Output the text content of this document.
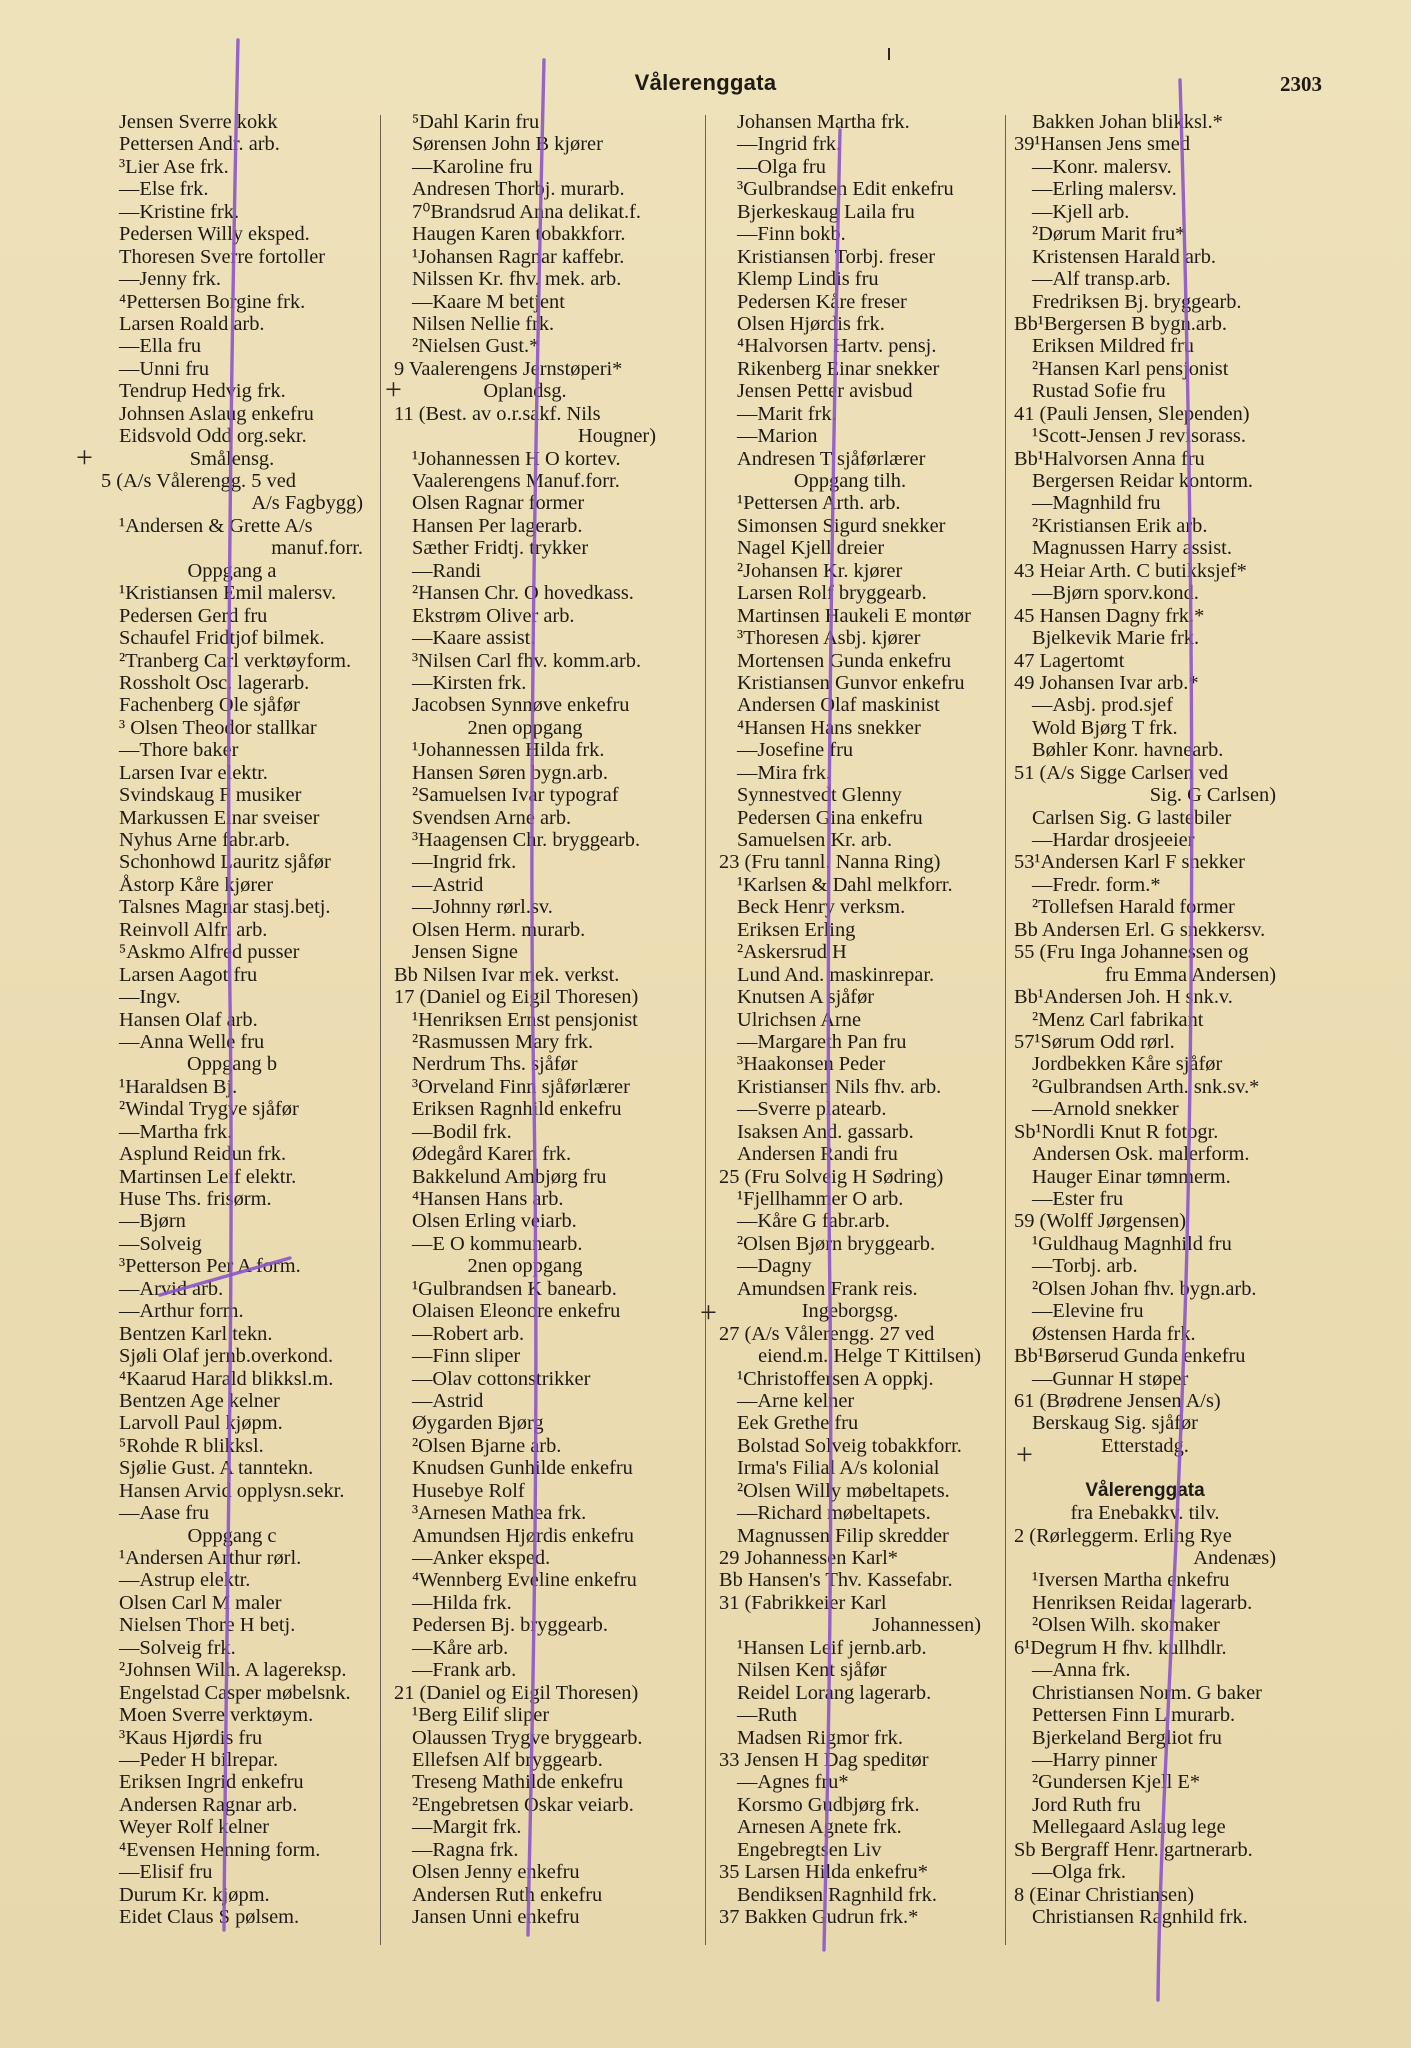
Vålerenggata	2303
Jensen Sverre kokk
Pettersen Andr. arb.
³Lier Ase frk.
—Else frk.
—Kristine frk.
Pedersen Willy eksped.
Thoresen Sverre fortoller
—Jenny frk.
⁴Pettersen Borgine frk.
Larsen Roald arb.
—Ella fru
—Unni fru
Tendrup Hedvig frk.
Johnsen Aslaug enkefru
Eidsvold Odd org.sekr.
Smålensg.
5 (A/s Vålerengg. 5 ved
A/s Fagbygg)
¹Andersen & Grette A/s
manuf.forr.
Oppgang a
¹Kristiansen Emil malersv.
Pedersen Gerd fru
Schaufel Fridtjof bilmek.
²Tranberg Carl verktøyform.
Rossholt Osc. lagerarb.
Fachenberg Ole sjåfør
³ Olsen Theodor stallkar
—Thore baker
Larsen Ivar elektr.
Svindskaug F musiker
Markussen Einar sveiser
Nyhus Arne fabr.arb.
Schonhowd Lauritz sjåfør
Åstorp Kåre kjører
Talsnes Magnar stasj.betj.
Reinvoll Alfr. arb.
⁵Askmo Alfred pusser
Larsen Aagot fru
—Ingv.
Hansen Olaf arb.
—Anna Welle fru
Oppgang b
¹Haraldsen Bj.
²Windal Trygve sjåfør
—Martha frk.
Asplund Reidun frk.
Martinsen Leif elektr.
Huse Ths. frisørm.
—Bjørn
—Solveig
³Petterson Per A form.
—Arvid arb.
—Arthur form.
Bentzen Karl tekn.
Sjøli Olaf jernb.overkond.
⁴Kaarud Harald blikksl.m.
Bentzen Age kelner
Larvoll Paul kjøpm.
⁵Rohde R blikksl.
Sjølie Gust. A tanntekn.
Hansen Arvid opplysn.sekr.
—Aase fru
Oppgang c
¹Andersen Arthur rørl.
—Astrup elektr.
Olsen Carl M maler
Nielsen Thore H betj.
—Solveig frk.
²Johnsen Wilh. A lagereksp.
Engelstad Casper møbelsnk.
Moen Sverre verktøym.
³Kaus Hjørdis fru
—Peder H bilrepar.
Eriksen Ingrid enkefru
Andersen Ragnar arb.
Weyer Rolf kelner
⁴Evensen Henning form.
—Elisif fru
Durum Kr. kjøpm.
Eidet Claus S pølsem.
⁵Dahl Karin fru
Sørensen John B kjører
—Karoline fru
Andresen Thorbj. murarb.
7⁰Brandsrud Anna delikat.f.
Haugen Karen tobakkforr.
¹Johansen Ragnar kaffebr.
Nilssen Kr. fhv. mek. arb.
—Kaare M betjent
Nilsen Nellie frk.
²Nielsen Gust.*
9 Vaalerengens Jernstøperi*
Oplandsg.
11 (Best. av o.r.sakf. Nils
Hougner)
¹Johannessen H O kortev.
Vaalerengens Manuf.forr.
Olsen Ragnar former
Hansen Per lagerarb.
Sæther Fridtj. trykker
—Randi
²Hansen Chr. O hovedkass.
Ekstrøm Oliver arb.
—Kaare assist.
³Nilsen Carl fhv. komm.arb.
—Kirsten frk.
Jacobsen Synnøve enkefru
2nen oppgang
¹Johannessen Hilda frk.
Hansen Søren bygn.arb.
²Samuelsen Ivar typograf
Svendsen Arne arb.
³Haagensen Chr. bryggearb.
—Ingrid frk.
—Astrid
—Johnny rørl.sv.
Olsen Herm. murarb.
Jensen Signe
Bb Nilsen Ivar mek. verkst.
17 (Daniel og Eigil Thoresen)
¹Henriksen Ernst pensjonist
²Rasmussen Mary frk.
Nerdrum Ths. sjåfør
³Orveland Finn sjåførlærer
Eriksen Ragnhild enkefru
—Bodil frk.
Ødegård Karen frk.
Bakkelund Ambjørg fru
⁴Hansen Hans arb.
Olsen Erling veiarb.
—E O kommunearb.
2nen oppgang
¹Gulbrandsen K banearb.
Olaisen Eleonore enkefru
—Robert arb.
—Finn sliper
—Olav cottonstrikker
—Astrid
Øygarden Bjørg
²Olsen Bjarne arb.
Knudsen Gunhilde enkefru
Husebye Rolf
³Arnesen Mathea frk.
Amundsen Hjørdis enkefru
—Anker eksped.
⁴Wennberg Eveline enkefru
—Hilda frk.
Pedersen Bj. bryggearb.
—Kåre arb.
—Frank arb.
21 (Daniel og Eigil Thoresen)
¹Berg Eilif sliper
Olaussen Trygve bryggearb.
Ellefsen Alf bryggearb.
Treseng Mathilde enkefru
²Engebretsen Oskar veiarb.
—Margit frk.
—Ragna frk.
Olsen Jenny enkefru
Andersen Ruth enkefru
Jansen Unni enkefru
Johansen Martha frk.
—Ingrid frk.
—Olga fru
³Gulbrandsen Edit enkefru
Bjerkeskaug Laila fru
—Finn bokb.
Kristiansen Torbj. freser
Klemp Lindis fru
Pedersen Kåre freser
Olsen Hjørdis frk.
⁴Halvorsen Hartv. pensj.
Rikenberg Einar snekker
Jensen Petter avisbud
—Marit frk.
—Marion
Andresen T sjåførlærer
Oppgang tilh.
¹Pettersen Arth. arb.
Simonsen Sigurd snekker
Nagel Kjell dreier
²Johansen Kr. kjører
Larsen Rolf bryggearb.
Martinsen Haukeli E montør
³Thoresen Asbj. kjører
Mortensen Gunda enkefru
Kristiansen Gunvor enkefru
Andersen Olaf maskinist
⁴Hansen Hans snekker
—Josefine fru
—Mira frk.
Synnestvedt Glenny
Pedersen Gina enkefru
Samuelsen Kr. arb.
23 (Fru tannl. Nanna Ring)
¹Karlsen & Dahl melkforr.
Beck Henry verksm.
Eriksen Erling
²Askersrud H
Lund And. maskinrepar.
Knutsen A sjåfør
Ulrichsen Arne
—Margareth Pan fru
³Haakonsen Peder
Kristiansen Nils fhv. arb.
—Sverre platearb.
Isaksen And. gassarb.
Andersen Randi fru
25 (Fru Solveig H Sødring)
¹Fjellhammer O arb.
—Kåre G fabr.arb.
²Olsen Bjørn bryggearb.
—Dagny
Amundsen Frank reis.
Ingeborgsg.
27 (A/s Vålerengg. 27 ved
eiend.m. Helge T Kittilsen)
¹Christoffersen A oppkj.
—Arne kelner
Eek Grethe fru
Bolstad Solveig tobakkforr.
Irma's Filial A/s kolonial
²Olsen Willy møbeltapets.
—Richard møbeltapets.
Magnussen Filip skredder
29 Johannessen Karl*
Bb Hansen's Thv. Kassefabr.
31 (Fabrikkeier Karl
Johannessen)
¹Hansen Leif jernb.arb.
Nilsen Kent sjåfør
Reidel Lorang lagerarb.
—Ruth
Madsen Rigmor frk.
33 Jensen H Dag speditør
—Agnes fru*
Korsmo Gudbjørg frk.
Arnesen Agnete frk.
Engebregtsen Liv
35 Larsen Hilda enkefru*
Bendiksen Ragnhild frk.
37 Bakken Gudrun frk.*
Bakken Johan blikksl.*
39¹Hansen Jens smed
—Konr. malersv.
—Erling malersv.
—Kjell arb.
²Dørum Marit fru*
Kristensen Harald arb.
—Alf transp.arb.
Fredriksen Bj. bryggearb.
Bb¹Bergersen B bygn.arb.
Eriksen Mildred fru
²Hansen Karl pensjonist
Rustad Sofie fru
41 (Pauli Jensen, Slependen)
¹Scott-Jensen J revisorass.
Bb¹Halvorsen Anna fru
Bergersen Reidar kontorm.
—Magnhild fru
²Kristiansen Erik arb.
Magnussen Harry assist.
43 Heiar Arth. C butikksjef*
—Bjørn sporv.kond.
45 Hansen Dagny frk.*
Bjelkevik Marie frk.
47 Lagertomt
49 Johansen Ivar arb.*
—Asbj. prod.sjef
Wold Bjørg T frk.
Bøhler Konr. havnearb.
51 (A/s Sigge Carlsen ved
Sig. G Carlsen)
Carlsen Sig. G lastebiler
—Hardar drosjeeier
53¹Andersen Karl F snekker
—Fredr. form.*
²Tollefsen Harald former
Bb Andersen Erl. G snekkersv.
55 (Fru Inga Johannessen og
fru Emma Andersen)
Bb¹Andersen Joh. H snk.v.
²Menz Carl fabrikant
57¹Sørum Odd rørl.
Jordbekken Kåre sjåfør
²Gulbrandsen Arth. snk.sv.*
—Arnold snekker
Sb¹Nordli Knut R fotogr.
Andersen Osk. malerform.
Hauger Einar tømmerm.
—Ester fru
59 (Wolff Jørgensen)
¹Guldhaug Magnhild fru
—Torbj. arb.
²Olsen Johan fhv. bygn.arb.
—Elevine fru
Østensen Harda frk.
Bb¹Børserud Gunda enkefru
—Gunnar H støper
61 (Brødrene Jensen A/s)
Berskaug Sig. sjåfør
Etterstadg.
Vålerenggata
fra Enebakkv. tilv.
2 (Rørleggerm. Erling Rye
Andenæs)
¹Iversen Martha enkefru
Henriksen Reidar lagerarb.
²Olsen Wilh. skomaker
6¹Degrum H fhv. kullhdlr.
—Anna frk.
Christiansen Norm. G baker
Pettersen Finn L murarb.
Bjerkeland Bergliot fru
—Harry pinner
²Gundersen Kjell E*
Jord Ruth fru
Mellegaard Aslaug lege
Sb Bergraff Henr. gartnerarb.
—Olga frk.
8 (Einar Christiansen)
Christiansen Ragnhild frk.
+
+
+
+
